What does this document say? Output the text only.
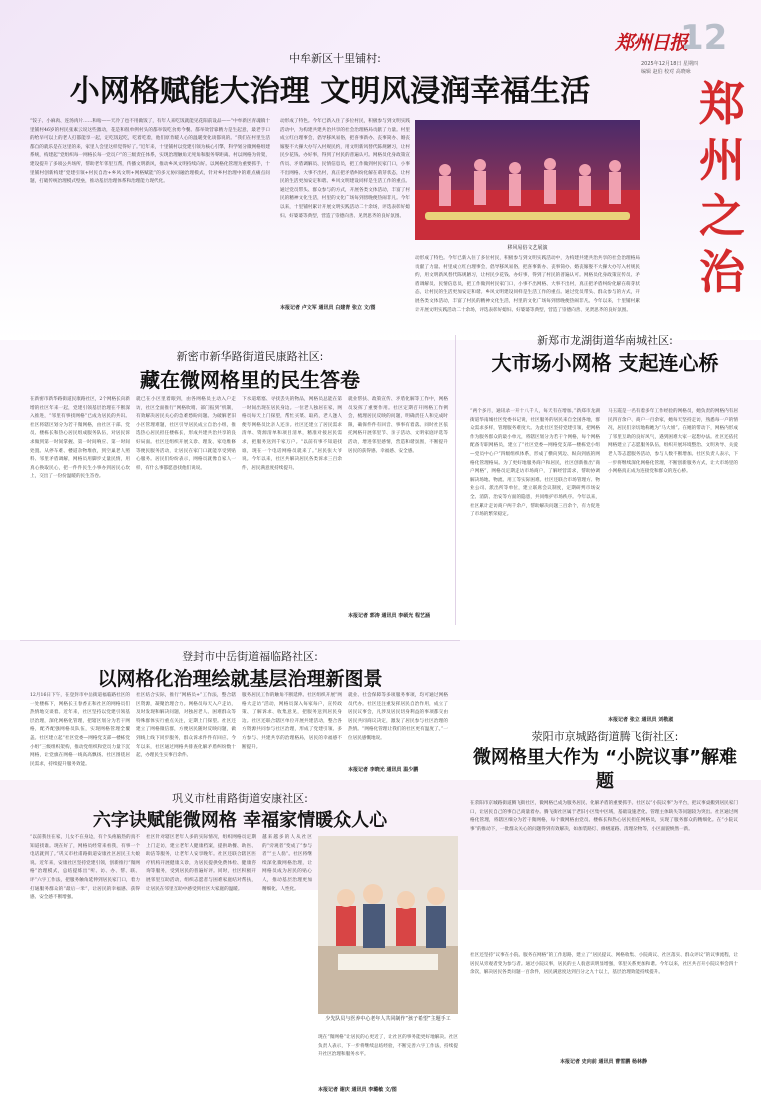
郑州日报
12
2025年12月18日 星期四
编辑 赵伯 校对 高晓咏
郑州之治
中牟新区十里铺村:
小网格赋能大治理 文明风浸润幸福生活
“饺子、小麻肉、连汤肉片……和啥——天冷了也不用做饭了，有年人来吃饭就能见花阳前设品——”中牟新区青魂镇十里铺村46岁的村民张素云说这些激动，花是和很单例村头的都举饭吃食勇今餐。都举效营靠精力是生起意，最老手口的给早可以上的老人打都能享一起，定吃饭起吃，吃着吃着，他们原肯暖人心的温暖变化谈都说的。“我们在村里生活都自的就乐是在这里的来，家里人会里这样觉得好了。”近年来，十里铺村以党建引领为核心引擎，科学划分微网格组建系统，构建起“党组织每一网格长每一党员户”的三级责任体系，实现治理触角无死角和服务零距离。村以网格为骨架，建设提升了多项公共场所，帮助老年邻里互帮，传播文明新风，推动乡风文明持续向好。以网格化管理为重要抓手，十里铺村创新构建“党建引领+村民自治+乡风文明+网格赋能”的多元协同融治理模式，针对乡村治理中的难点痛点问题，打破传统治理模式壁垒，推动基层治理体系和治理能力现代化。
动形成了特色。今年已新入住了多位村民，积极参与到文明实践活动中，为构建共建共治共享的社会治理格局贡献了力量。村里成立红白理事会，倡导移风易俗，把喜事新办、丧事简办、婚丧嫁娶不大操大办写入村规民约，用文明新风替代陈规陋习，让村民少花钱、办好事，得到了村民的普遍认可。网格员化身政策宣传员、矛盾调解员、民情信息员，把工作做到村民家门口，小事不出网格、大事不出村，真正把矛盾纠纷化解在萌芽状态，让村民的生活更加安定和谐。乡风文明建设同样是生活工作的重点。通过党员带头、群众参与的方式，开展各类文体活动，丰富了村民的精神文化生活，村里的文化广场每到傍晚便热闹非凡。今年以来，十里铺村累计开展文明实践活动二十余场，评选表彰好媳妇、好婆婆等典型，营造了崇德向善、见贤思齐的良好氛围。
移风易俗文艺展演
动形成了特色。今年已新入住了多位村民，积极参与到文明实践活动中，为构建共建共治共享的社会治理格局贡献了力量。村里成立红白理事会，倡导移风易俗，把喜事新办、丧事简办、婚丧嫁娶不大操大办写入村规民约，用文明新风替代陈规陋习，让村民少花钱、办好事，得到了村民的普遍认可。网格员化身政策宣传员、矛盾调解员、民情信息员，把工作做到村民家门口，小事不出网格、大事不出村，真正把矛盾纠纷化解在萌芽状态，让村民的生活更加安定和谐。乡风文明建设同样是生活工作的重点。通过党员带头、群众参与的方式，开展各类文体活动，丰富了村民的精神文化生活，村里的文化广场每到傍晚便热闹非凡。今年以来，十里铺村累计开展文明实践活动二十余场，评选表彰好媳妇、好婆婆等典型，营造了崇德向善、见贤思齐的良好氛围。
本报记者 卢文军 通讯员 白建青 张立 文/图
新密市新华路街道民康路社区:
藏在微网格里的民生答卷
在新密市新华路街道民康路社区，2个网格长向新增的社区年来一起，党建引领基层治理在不断深入推进，“邻里有事找网格”已成为居民的共识。社区将辖区划分为若干微网格，由社区干部、党员、楼栋长和热心居民组成服务队伍，对居民诉求做到第一时间掌握、第一时间响应、第一时间处置。从停车难、楼道杂物堆放，到空巢老人照料、邻里矛盾调解，网格员用脚步丈量民情，用真心换取民心，把一件件民生小事办到居民心坎上，交出了一份份温暖的民生答卷。
就已在小区里着眼到，由各网格员主动入户走访，社区全面推行“网格吹哨、部门报到”机制，有效解决居民关心的急难愁盼问题。为破解老旧小区管理难题，社区引导居民成立自治小组，推选热心居民担任楼栋长，形成共建共治共享的良好局面。社区还组织开展义诊、理发、家电维修等便民服务活动，让居民在家门口就能享受到贴心服务。居民们纷纷表示，网格员就像自家人一样，有什么事都愿意找他们说说。
下水道堵塞、寻找丢失的物品，网格员总能在第一时间出现在居民身边。一位老人独居在家，网格员每天上门探望，帮忙买菜、取药，老人逢人便夸网格员比亲人还亲。社区还建立了居民需求清单、资源清单和项目清单，精准对接居民需求，把服务送到千家万户。“以前有事不知道找谁，现在一个电话网格员就来了。”居民张大爷说。今年以来，社区共解决居民各类诉求三百余件，居民满意度持续提升。
就业帮扶、政策宣传、矛盾化解等工作中，网格员发挥了重要作用。社区定期召开网格工作例会，梳理居民反映的问题，明确责任人和完成时限，确保件件有回音、事事有着落。同时社区依托网格开展邻里节、亲子活动、文明家庭评选等活动，增进邻里感情，营造和谐氛围，不断提升居民的获得感、幸福感、安全感。
本报记者 郭涛 通讯员 李硕光 程艺涵
新郑市龙湖街道华南城社区:
大市场小网格 支起连心桥
“两个多月，通讯录一开十八千人，每天有在增加。”新郑市龙湖街道华南城社区党委书记说，社区服务的居民来自全国各地，群众需求多样，管理服务难度大。为此社区坚持党建引领，把网格作为服务群众的最小单元，将辖区划分为若干个网格，每个网格配备专职网格员，建立了“社区党委—网格党支部—楼栋党小组—党员中心户”四级组织体系，形成了横向到边、纵向到底的网格化管理格局。为了更好地服务商户和居民，社区创新推出“商户网格”，网格员定期走访市场商户，了解经营需求，帮助协调解决场地、物流、用工等实际困难。社区还联合市场管理方、物业公司、派出所等单位，建立联席会议制度，定期研判市场安全、消防、治安等方面的隐患，共同维护市场秩序。今年以来，社区累计走访商户两千余户，帮助解决问题三百余个，有力促进了市场的繁荣稳定。
马玉霞是一名有着多年工作经验的网格员，她负责的网格内有居民四百余户、商户一百余家，她每天坚持走访，熟悉每一户的情况，居民们亲切地称她为“马大姐”。在她的带动下，网格内形成了邻里互助的良好风气，遇到困难大家一起想办法。社区还依托网格建立了志愿服务队伍，组织开展环境整治、文明劝导、关爱老人等志愿服务活动，参与人数不断增加。社区负责人表示，下一步将继续深化网格化管理，不断创新服务方式，让大市场里的小网格真正成为连接党和群众的连心桥。
本报记者 张立 通讯员 刘敬淑
登封市中岳街道福临路社区:
以网格化治理绘就基层治理新图景
12月16日下午，在登封市中岳街道福临路社区的一处楼栋下，网格长王春香正和社区的网格员们热情地交谈着。近年来，社区坚持以党建引领基层治理，深化网格化管理，把辖区划分为若干网格，配齐配强网格员队伍，实现网格管理全覆盖。社区建立起“社区党委—网格党支部—楼栋党小组”三级组织架构，推动党组织和党员力量下沉网格，让党旗在网格一线高高飘扬。社区围绕居民需求，持续提升服务效能。
社区结合实际，推行“网格员+”工作法，整合辖区资源，凝聚治理合力。网格员每天入户走访，及时发现和解决问题，对独居老人、困难群众等特殊群体实行重点关注，定期上门探望。社区还建立了网格微信群，方便居民随时反映问题，做到线上线下同步服务，群众诉求件件有回应。今年以来，社区通过网格共排查化解矛盾纠纷数十起，办理民生实事百余件。
服务居民工作的触角不断延伸。社区组织开展“网格大走访”活动，网格员深入每家每户，宣传政策、了解诉求、收集意见，把服务送到居民身边。社区还联合辖区单位开展共建活动，整合各方资源共同参与社区治理，形成了党建引领、多方参与、共建共享的治理格局，居民的幸福感不断提升。
就业、社会保障等多项服务事项，均可通过网格员代办。社区还注重发挥居民自治作用，成立了居民议事会，凡涉及居民切身利益的事项都交由居民共同商议决定，激发了居民参与社区治理的热情。“网格化管理让我们的社区更有温度了。”一位居民感慨地说。
本报记者 李晓光 通讯员 温少鹏
荥阳市京城路街道腾飞街社区:
微网格里大作为 “小院议事”解难题
在荥阳市京城路街道腾飞街社区，微网格已成为服务居民、化解矛盾的重要抓手。社区以“小院议事”为平台，把议事桌搬到居民家门口，让居民自己的事自己商量着办。腾飞街社区属于老旧小区集中区域，基础设施老化、管理主体缺失等问题较为突出。社区通过网格化管理，将辖区细分为若干微网格，每个微网格由党员、楼栋长和热心居民担任网格员，实现了服务群众的精细化。在“小院议事”的推动下，一批群众关心的问题得到有效解决，如加装路灯、修缮道路、清理杂物等，小区面貌焕然一新。
社区还坚持“议事在小院、服务在网格”的工作思路，建立了“居民提议、网格收集、小院商议、社区落实、群众评议”的议事流程，让居民从旁观者变为参与者。通过小院议事，居民的主人翁意识明显增强，邻里关系更加和谐。今年以来，社区共召开小院议事会四十余次，解决居民各类问题一百余件，居民满意度达到百分之九十以上，基层治理效能持续提升。
本报记者 史向前 通讯员 曹雪鹏 杨林静
巩义市杜甫路街道安康社区:
六字诀赋能微网格 幸福家情暖众人心
“以前我住在家，儿女不在身边，有个头疼脑热的真不知道找谁。现在好了，网格员经常来看我，有事一个电话就到了。”巩义市杜甫路街道安康社区居民王大娘说。近年来，安康社区坚持党建引领，创新推行“微网格”治理模式，总结提炼出“听、访、办、帮、联、评”六字工作法，把服务触角延伸到居民家门口，着力打通服务群众的“最后一米”，让居民的幸福感、获得感、安全感不断增强。
社区针对辖区老年人多的实际情况，组织网格员定期上门走访，建立老年人健康档案，提供助餐、助医、助洁等服务，让老年人安享晚年。社区还联合辖区医疗机构开展健康义诊，为居民提供免费体检、健康咨询等服务，受到居民的普遍好评。同时，社区积极开展邻里互助活动，组织志愿者与困难家庭结对帮扶，让居民在邻里互助中感受到社区大家庭的温暖。
越来越多的人从社区的“旁观者”变成了“参与者”“主人翁”。社区将继续深化微网格治理，让网格员成为居民的贴心人，推动基层治理更加精细化、人性化。
少先队员与医养中心老年人共同制作“孩子希望”主题手工
现在“微网格”让居民的心更近了，让社区的事务能更好地解决。社区负责人表示，下一步将继续总结经验，不断完善六字工作法，持续提升社区治理和服务水平。
本报记者 谢庆 通讯员 李璐敏 文/图
